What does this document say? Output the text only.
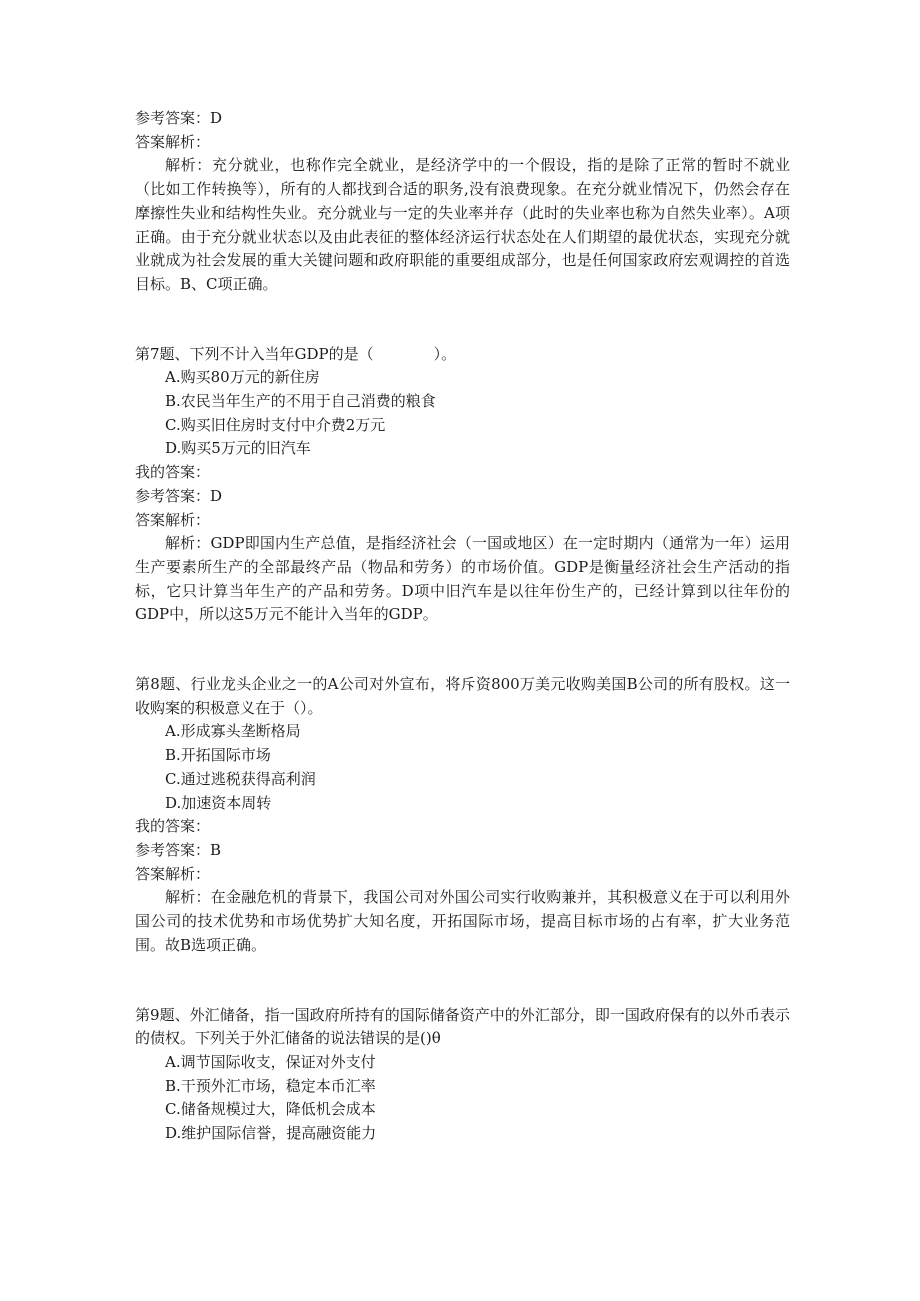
参考答案：D

答案解析：

解析：充分就业，也称作完全就业，是经济学中的一个假设，指的是除了正常的暂时不就业（比如工作转换等），所有的人都找到合适的职务,没有浪费现象。在充分就业情况下，仍然会存在摩擦性失业和结构性失业。充分就业与一定的失业率并存（此时的失业率也称为自然失业率）。A项正确。由于充分就业状态以及由此表征的整体经济运行状态处在人们期望的最优状态，实现充分就业就成为社会发展的重大关键问题和政府职能的重要组成部分，也是任何国家政府宏观调控的首选目标。B、C项正确。

第7题、下列不计入当年GDP的是（　　　　）。

A.购买80万元的新住房

B.农民当年生产的不用于自己消费的粮食

C.购买旧住房时支付中介费2万元

D.购买5万元的旧汽车

我的答案：

参考答案：D

答案解析：

解析：GDP即国内生产总值，是指经济社会（一国或地区）在一定时期内（通常为一年）运用生产要素所生产的全部最终产品（物品和劳务）的市场价值。GDP是衡量经济社会生产活动的指标，它只计算当年生产的产品和劳务。D项中旧汽车是以往年份生产的，已经计算到以往年份的GDP中，所以这5万元不能计入当年的GDP。

第8题、行业龙头企业之一的A公司对外宣布，将斥资800万美元收购美国B公司的所有股权。这一收购案的积极意义在于（）。

A.形成寡头垄断格局

B.开拓国际市场

C.通过逃税获得高利润

D.加速资本周转

我的答案：

参考答案：B

答案解析：

解析：在金融危机的背景下，我国公司对外国公司实行收购兼并，其积极意义在于可以利用外国公司的技术优势和市场优势扩大知名度，开拓国际市场，提高目标市场的占有率，扩大业务范围。故B选项正确。

第9题、外汇储备，指一国政府所持有的国际储备资产中的外汇部分，即一国政府保有的以外币表示的债权。下列关于外汇储备的说法错误的是()θ

A.调节国际收支，保证对外支付

B.干预外汇市场，稳定本币汇率

C.储备规模过大，降低机会成本

D.维护国际信誉，提高融资能力
